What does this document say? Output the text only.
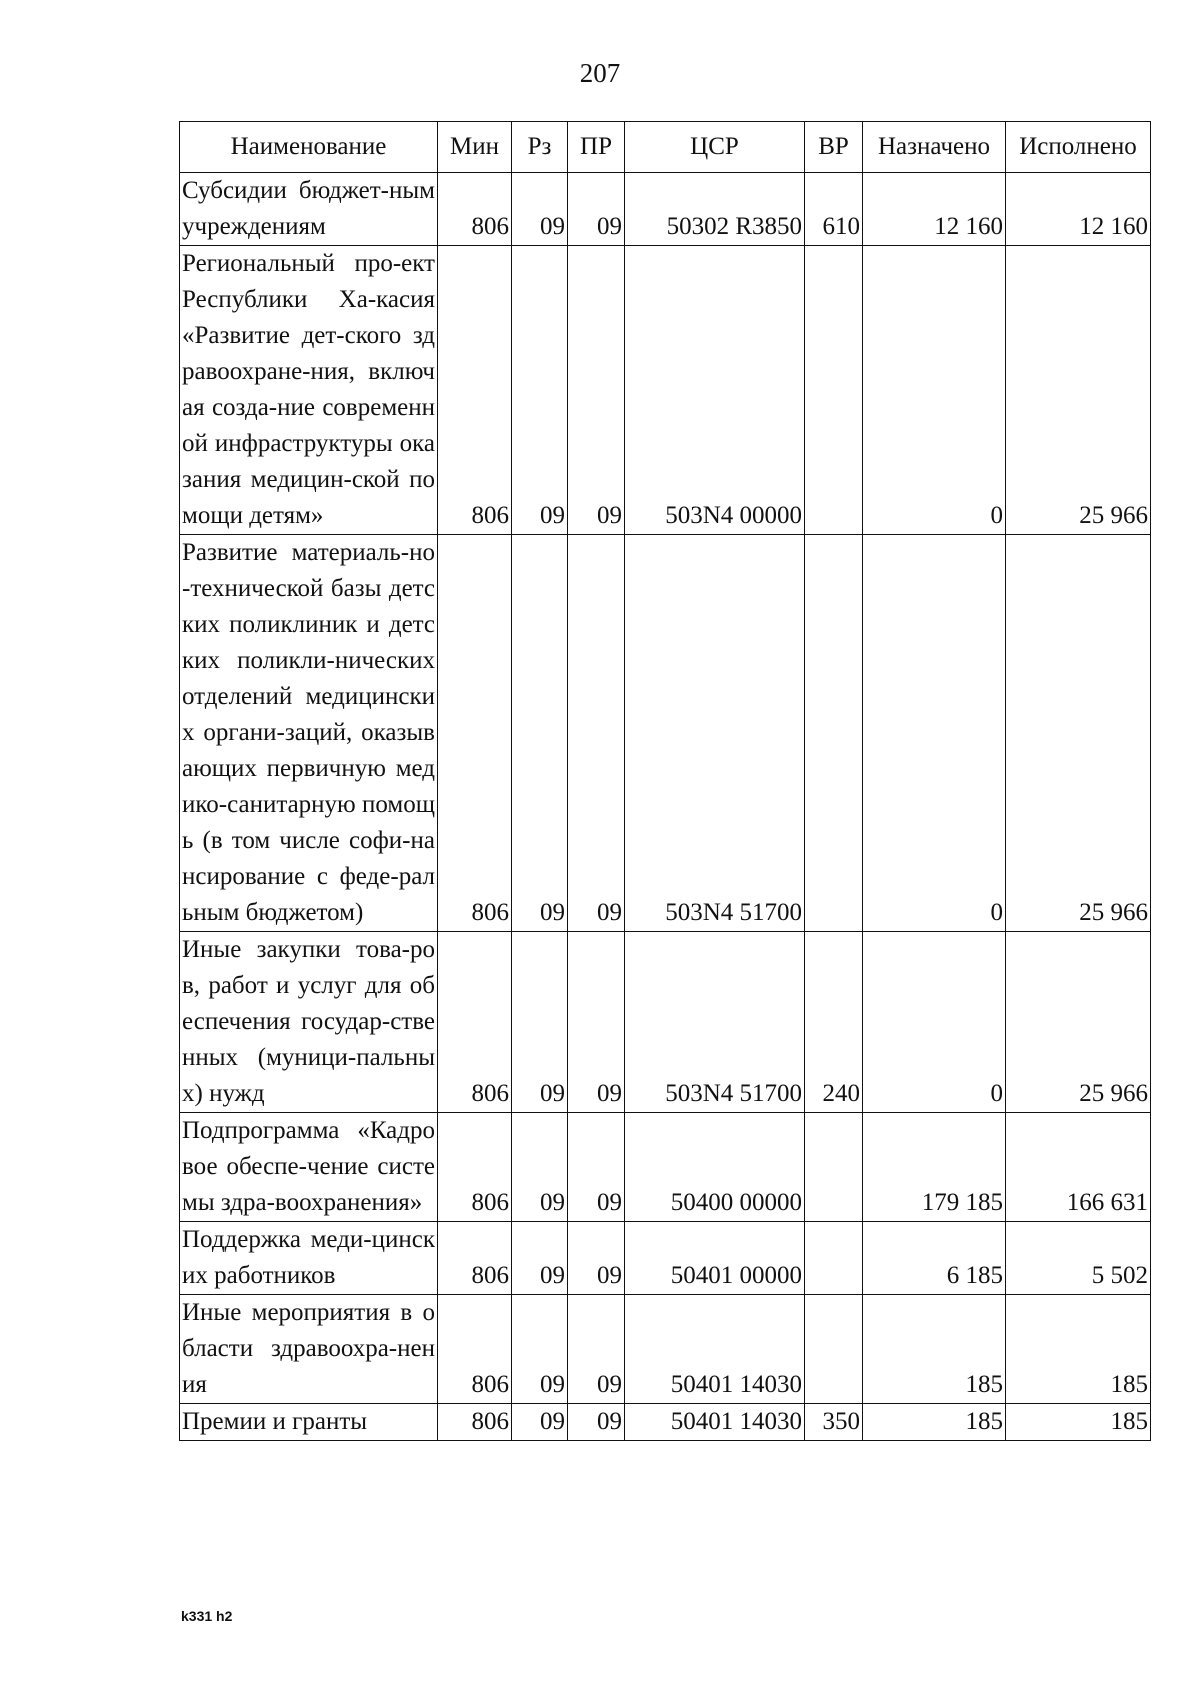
207
Наименование	Мин	Рз	ПР	ЦСР	ВР	Назначено	Исполнено
Субсидии бюджет-ным учреждениям	806	09	09	50302 R3850	610	12 160	12 160
Региональный про-ект Республики Ха-касия «Развитие дет-ского здравоохране-ния, включая созда-ние современной инфраструктуры оказания медицин-ской помощи детям»	806	09	09	503N4 00000		0	25 966
Развитие материаль-но-технической базы детских поликлиник и детских поликли-нических отделений медицинских органи-заций, оказывающих первичную медико-санитарную помощь (в том числе софи-нансирование с феде-ральным бюджетом)	806	09	09	503N4 51700		0	25 966
Иные закупки това-ров, работ и услуг для обеспечения государ-ственных (муници-пальных) нужд	806	09	09	503N4 51700	240	0	25 966
Подпрограмма «Кадровое обеспе-чение системы здра-воохранения»	806	09	09	50400 00000		179 185	166 631
Поддержка меди-цинских работников	806	09	09	50401 00000		6 185	5 502
Иные мероприятия в области здравоохра-нения	806	09	09	50401 14030		185	185
Премии и гранты	806	09	09	50401 14030	350	185	185
k331 h2
